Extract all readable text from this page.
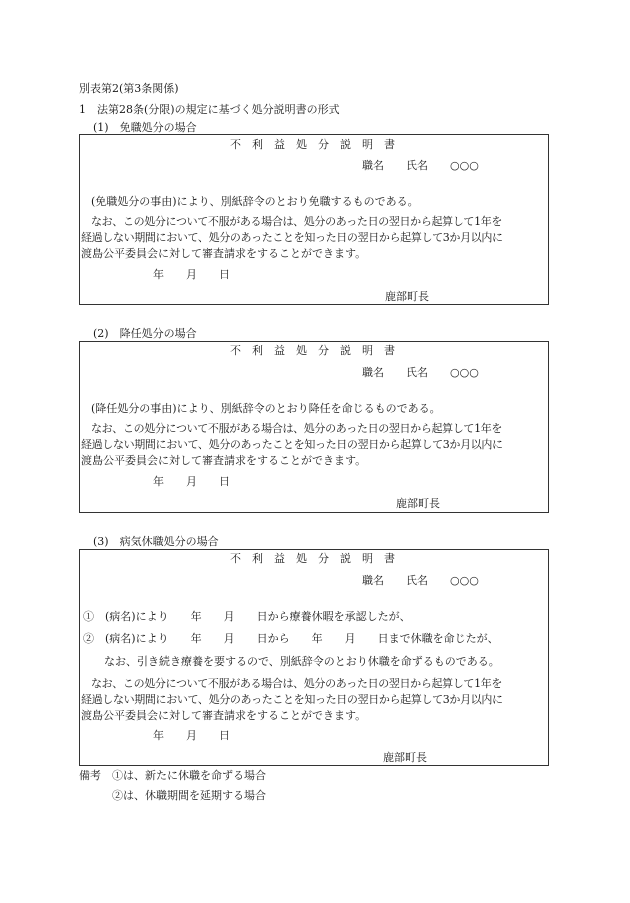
別表第2(第3条関係)
1　法第28条(分限)の規定に基づく処分説明書の形式
(1)　免職処分の場合
不　利　益　処　分　説　明　書
職名　　氏名　　○○○
(免職処分の事由)により、別紙辞令のとおり免職するものである。
なお、この処分について不服がある場合は、処分のあった日の翌日から起算して1年を
経過しない期間において、処分のあったことを知った日の翌日から起算して3か月以内に
渡島公平委員会に対して審査請求をすることができます。
年　　月　　日
鹿部町長
(2)　降任処分の場合
不　利　益　処　分　説　明　書
職名　　氏名　　○○○
(降任処分の事由)により、別紙辞令のとおり降任を命じるものである。
なお、この処分について不服がある場合は、処分のあった日の翌日から起算して1年を
経過しない期間において、処分のあったことを知った日の翌日から起算して3か月以内に
渡島公平委員会に対して審査請求をすることができます。
年　　月　　日
鹿部町長
(3)　病気休職処分の場合
不　利　益　処　分　説　明　書
職名　　氏名　　○○○
①　(病名)により　　年　　月　　日から療養休暇を承認したが、
②　(病名)により　　年　　月　　日から　　年　　月　　日まで休職を命じたが、
なお、引き続き療養を要するので、別紙辞令のとおり休職を命ずるものである。
なお、この処分について不服がある場合は、処分のあった日の翌日から起算して1年を
経過しない期間において、処分のあったことを知った日の翌日から起算して3か月以内に
渡島公平委員会に対して審査請求をすることができます。
年　　月　　日
鹿部町長
備考 ①は、新たに休職を命ずる場合
②は、休職期間を延期する場合
